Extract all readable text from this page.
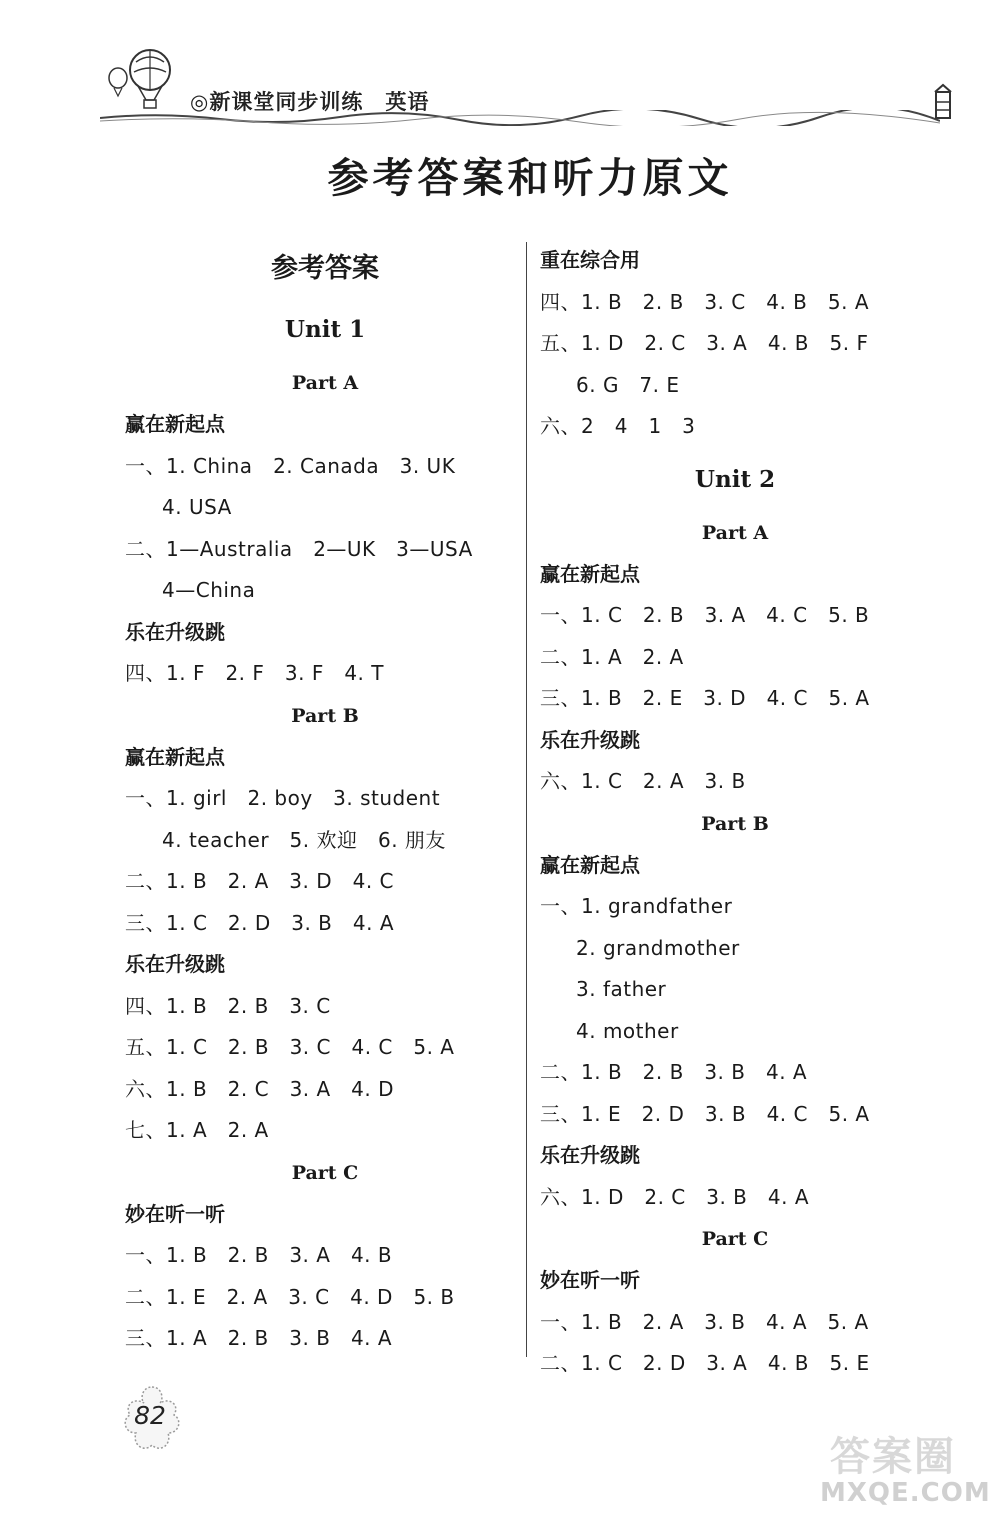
◎新课堂同步训练 英语
参考答案和听力原文
参考答案
Unit 1
Part A
赢在新起点
一、1. China　2. Canada　3. UK
4. USA
二、1—Australia　2—UK　3—USA
4—China
乐在升级跳
四、1. F　2. F　3. F　4. T
Part B
赢在新起点
一、1. girl　2. boy　3. student
4. teacher　5. 欢迎　6. 朋友
二、1. B　2. A　3. D　4. C
三、1. C　2. D　3. B　4. A
乐在升级跳
四、1. B　2. B　3. C
五、1. C　2. B　3. C　4. C　5. A
六、1. B　2. C　3. A　4. D
七、1. A　2. A
Part C
妙在听一听
一、1. B　2. B　3. A　4. B
二、1. E　2. A　3. C　4. D　5. B
三、1. A　2. B　3. B　4. A
重在综合用
四、1. B　2. B　3. C　4. B　5. A
五、1. D　2. C　3. A　4. B　5. F
6. G　7. E
六、2　4　1　3
Unit 2
Part A
赢在新起点
一、1. C　2. B　3. A　4. C　5. B
二、1. A　2. A
三、1. B　2. E　3. D　4. C　5. A
乐在升级跳
六、1. C　2. A　3. B
Part B
赢在新起点
一、1. grandfather
2. grandmother
3. father
4. mother
二、1. B　2. B　3. B　4. A
三、1. E　2. D　3. B　4. C　5. A
乐在升级跳
六、1. D　2. C　3. B　4. A
Part C
妙在听一听
一、1. B　2. A　3. B　4. A　5. A
二、1. C　2. D　3. A　4. B　5. E
82
答案圈
MXQE.COM
